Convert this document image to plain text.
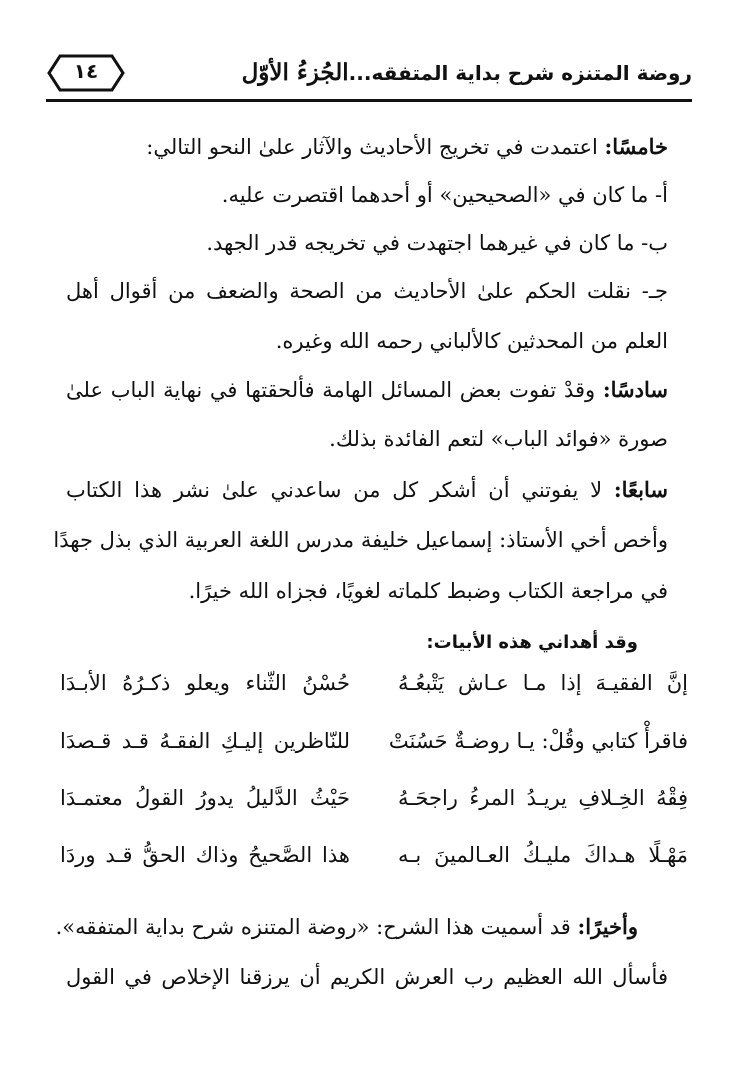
روضة المتنزه شرح بداية المتفقه...الجُزءُ الأوّل
١٤
خامسًا: اعتمدت في تخريج الأحاديث والآثار علىٰ النحو التالي:
أ- ما كان في «الصحيحين» أو أحدهما اقتصرت عليه.
ب- ما كان في غيرهما اجتهدت في تخريجه قدر الجهد.
جـ- نقلت الحكم علىٰ الأحاديث من الصحة والضعف من أقوال أهل
العلم من المحدثين كالألباني رحمه الله وغيره.
سادسًا: وقدْ تفوت بعض المسائل الهامة فألحقتها في نهاية الباب علىٰ
صورة «فوائد الباب» لتعم الفائدة بذلك.
سابعًا: لا يفوتني أن أشكر كل من ساعدني علىٰ نشر هذا الكتاب
وأخص أخي الأستاذ: إسماعيل خليفة مدرس اللغة العربية الذي بذل جهدًا
في مراجعة الكتاب وضبط كلماته لغويًا، فجزاه الله خيرًا.
وقد أهداني هذه الأبيات:
إنَّ الفقيـهَ إذا مـا عـاش يَتْبعُـهُ
حُسْنُ الثّناء ويعلو ذكـرُهُ الأبـدَا
فاقرأْ كتابي وقُلْ: يـا روضـةٌ حَسُنَتْ
للنّاظرين إليـكِ الفقـهُ قـد قـصدَا
فِقْهُ الخِـلافِ يريـدُ المرءُ راجحَـهُ
حَيْثُ الدَّليلُ يدورُ القولُ معتمـدَا
مَهْـلًا هـداكَ مليـكُ العـالمينَ بـه
هذا الصَّحيحُ وذاك الحقُّ قـد وردَا
وأخيرًا: قد أسميت هذا الشرح: «روضة المتنزه شرح بداية المتفقه».
فأسأل الله العظيم رب العرش الكريم أن يرزقنا الإخلاص في القول
